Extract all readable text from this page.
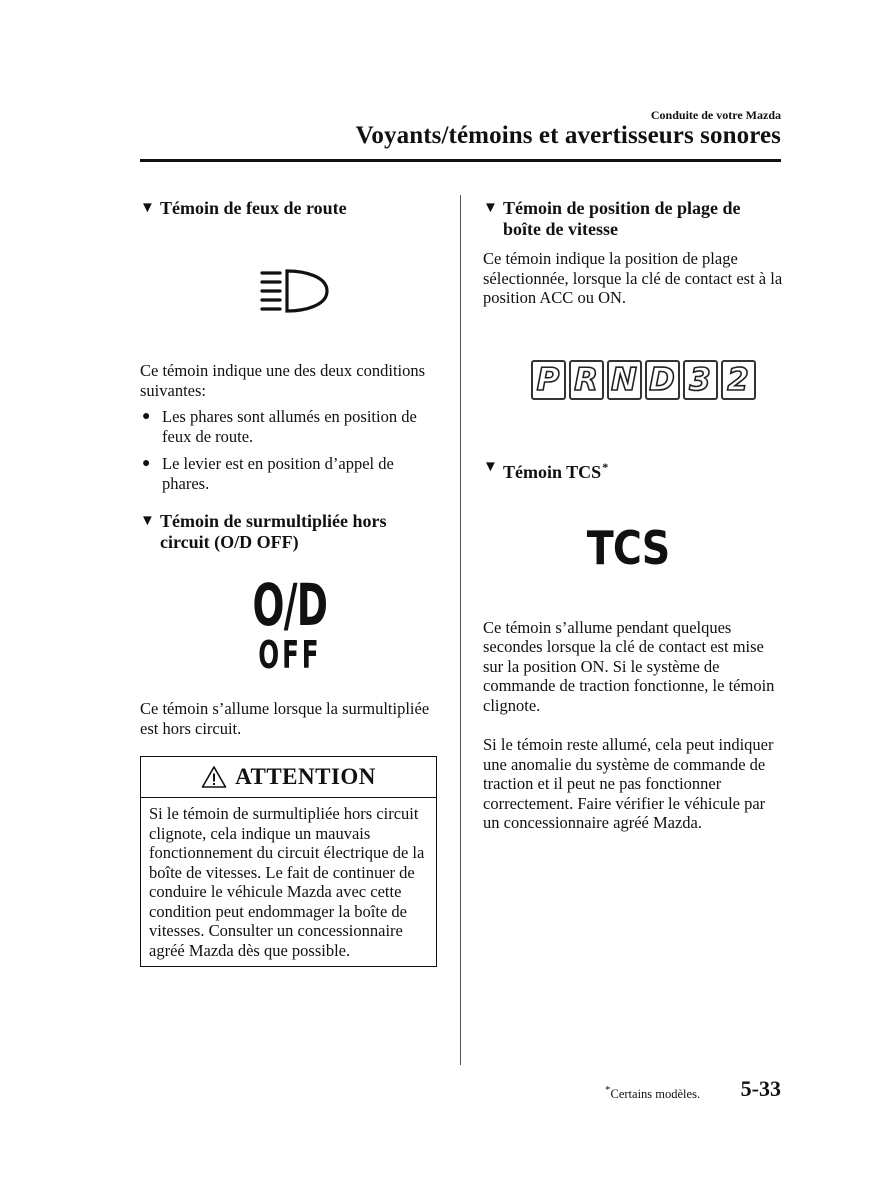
Conduite de votre Mazda
Voyants/témoins et avertisseurs sonores
▼ Témoin de feux de route

Ce témoin indique une des deux conditions suivantes:

● Les phares sont allumés en position de feux de route.
● Le levier est en position d’appel de phares.
▼ Témoin de surmultipliée hors circuit (O/D OFF)
O/D
OFF

Ce témoin s’allume lorsque la surmultipliée est hors circuit.

ATTENTION
Si le témoin de surmultipliée hors circuit clignote, cela indique un mauvais fonctionnement du circuit électrique de la boîte de vitesses. Le fait de continuer de conduire le véhicule Mazda avec cette condition peut endommager la boîte de vitesses. Consulter un concessionnaire agréé Mazda dès que possible.
▼ Témoin de position de plage de boîte de vitesse

Ce témoin indique la position de plage sélectionnée, lorsque la clé de contact est à la position ACC ou ON.

P R N D 3 2
▼ Témoin TCS*
TCS

Ce témoin s’allume pendant quelques secondes lorsque la clé de contact est mise sur la position ON. Si le système de commande de traction fonctionne, le témoin clignote.

Si le témoin reste allumé, cela peut indiquer une anomalie du système de commande de traction et il peut ne pas fonctionner correctement. Faire vérifier le véhicule par un concessionnaire agréé Mazda.

*Certains modèles. 5-33
